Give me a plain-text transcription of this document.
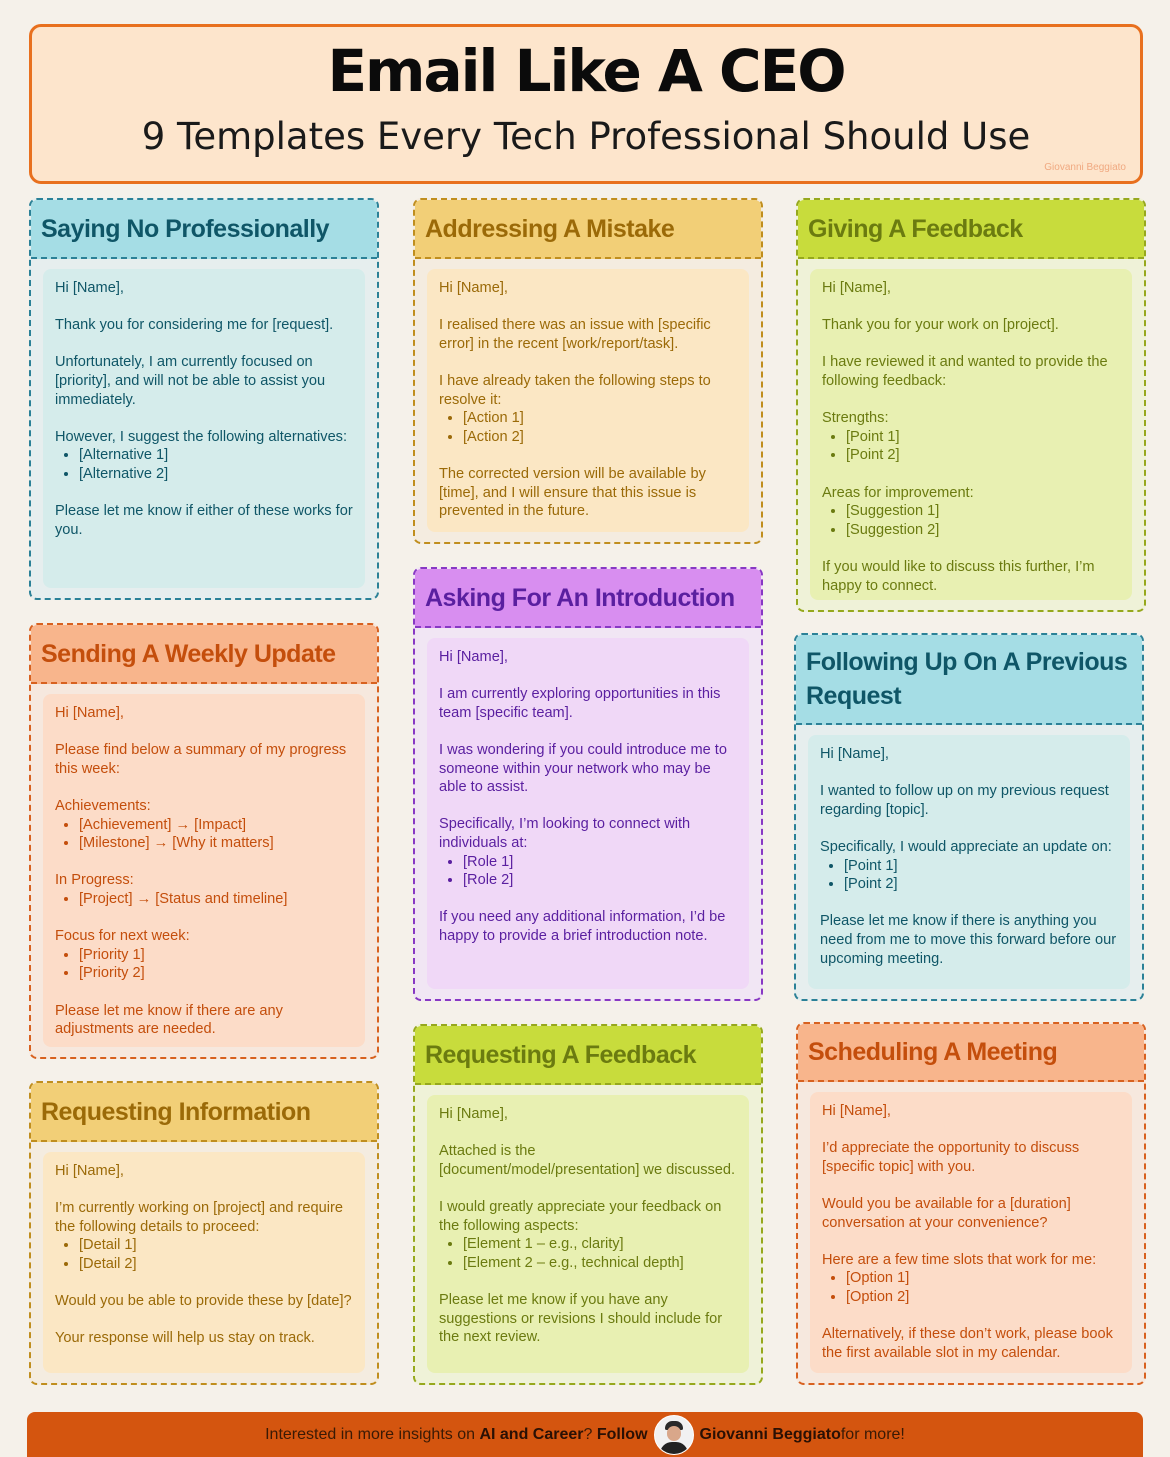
Email Like A CEO
9 Templates Every Tech Professional Should Use
Giovanni Beggiato
Saying No Professionally

Hi [Name],

Thank you for considering me for [request].

Unfortunately, I am currently focused on [priority], and will not be able to assist you immediately.

However, I suggest the following alternatives:

• [Alternative 1]
• [Alternative 2]

Please let me know if either of these works for you.

Sending A Weekly Update

Hi [Name],

Please find below a summary of my progress this week:

Achievements:

• [Achievement] → [Impact]
• [Milestone] → [Why it matters]

In Progress:

• [Project] → [Status and timeline]

Focus for next week:

• [Priority 1]
• [Priority 2]

Please let me know if there are any adjustments are needed.

Requesting Information

Hi [Name],

I’m currently working on [project] and require the following details to proceed:

• [Detail 1]
• [Detail 2]

Would you be able to provide these by [date]?

Your response will help us stay on track.

Addressing A Mistake

Hi [Name],

I realised there was an issue with [specific error] in the recent [work/report/task].

I have already taken the following steps to resolve it:

• [Action 1]
• [Action 2]

The corrected version will be available by [time], and I will ensure that this issue is prevented in the future.

Asking For An Introduction

Hi [Name],

I am currently exploring opportunities in this team [specific team].

I was wondering if you could introduce me to someone within your network who may be able to assist.

Specifically, I’m looking to connect with individuals at:

• [Role 1]
• [Role 2]

If you need any additional information, I’d be happy to provide a brief introduction note.

Requesting A Feedback

Hi [Name],

Attached is the [document/model/presentation] we discussed.

I would greatly appreciate your feedback on the following aspects:

• [Element 1 – e.g., clarity]
• [Element 2 – e.g., technical depth]

Please let me know if you have any suggestions or revisions I should include for the next review.

Giving A Feedback

Hi [Name],

Thank you for your work on [project].

I have reviewed it and wanted to provide the following feedback:

Strengths:

• [Point 1]
• [Point 2]

Areas for improvement:

• [Suggestion 1]
• [Suggestion 2]

If you would like to discuss this further, I’m happy to connect.

Following Up On A Previous Request

Hi [Name],

I wanted to follow up on my previous request regarding [topic].

Specifically, I would appreciate an update on:

• [Point 1]
• [Point 2]

Please let me know if there is anything you need from me to move this forward before our upcoming meeting.

Scheduling A Meeting

Hi [Name],

I’d appreciate the opportunity to discuss [specific topic] with you.

Would you be available for a [duration] conversation at your convenience?

Here are a few time slots that work for me:

• [Option 1]
• [Option 2]

Alternatively, if these don’t work, please book the first available slot in my calendar.

Interested in more insights on
AI and Career ?
Follow	Giovanni Beggiato for more!
